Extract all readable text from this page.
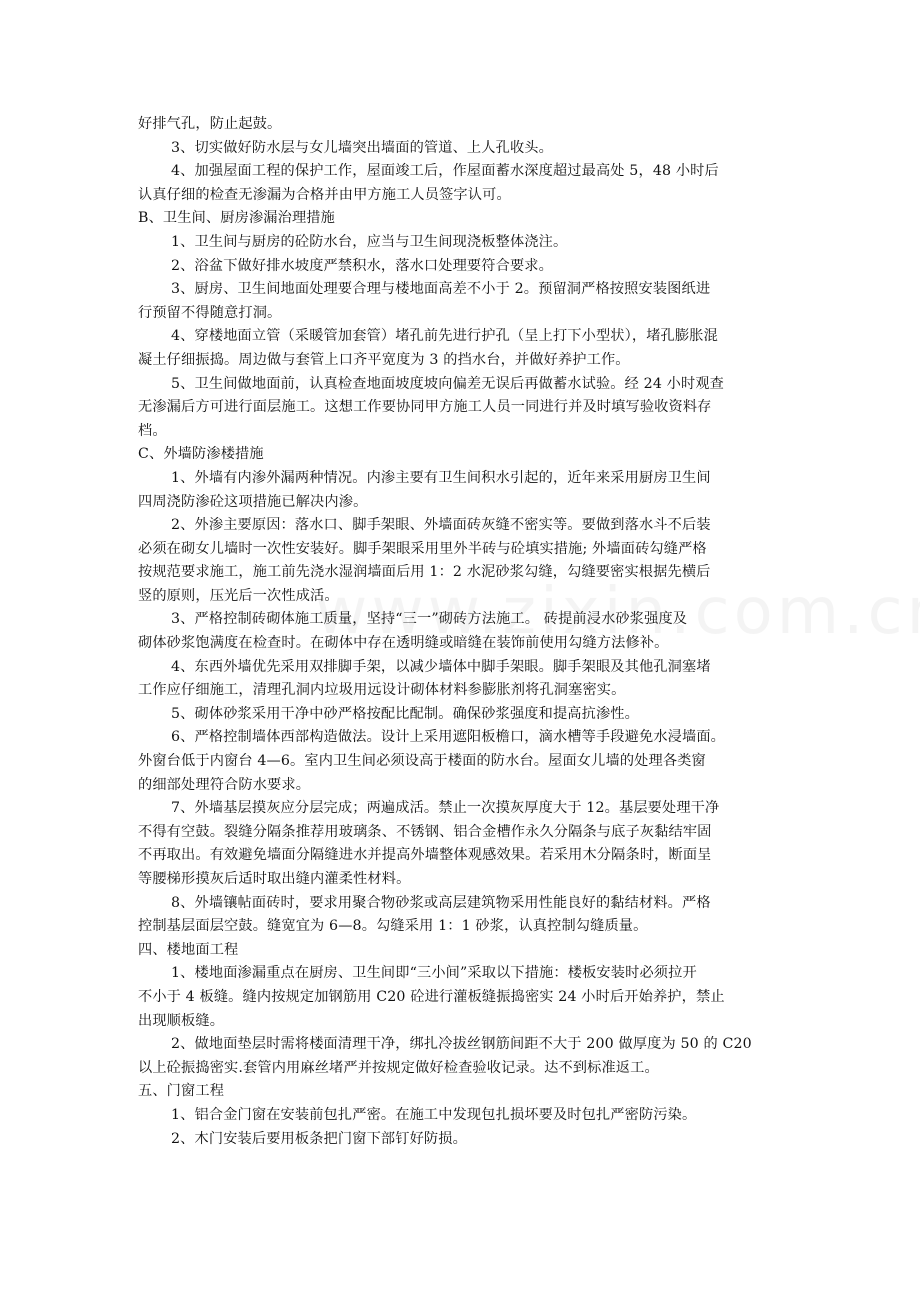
好排气孔，防止起鼓。
3、切实做好防水层与女儿墙突出墙面的管道、上人孔收头。
4、加强屋面工程的保护工作，屋面竣工后，作屋面蓄水深度超过最高处 5，48 小时后
认真仔细的检查无渗漏为合格并由甲方施工人员签字认可。
B、卫生间、厨房渗漏治理措施
1、卫生间与厨房的砼防水台，应当与卫生间现浇板整体浇注。
2、浴盆下做好排水坡度严禁积水，落水口处理要符合要求。
3、厨房、卫生间地面处理要合理与楼地面高差不小于 2。预留洞严格按照安装图纸进
行预留不得随意打洞。
4、穿楼地面立管（采暖管加套管）堵孔前先进行护孔（呈上打下小型状），堵孔膨胀混
凝土仔细振捣。周边做与套管上口齐平宽度为 3 的挡水台，并做好养护工作。
5、卫生间做地面前，认真检查地面坡度坡向偏差无误后再做蓄水试验。经 24 小时观查
无渗漏后方可进行面层施工。这想工作要协同甲方施工人员一同进行并及时填写验收资料存
档。
C、外墙防渗楼措施
1、外墙有内渗外漏两种情况。内渗主要有卫生间积水引起的，近年来采用厨房卫生间
四周浇防渗砼这项措施已解决内渗。
2、外渗主要原因：落水口、脚手架眼、外墙面砖灰缝不密实等。要做到落水斗不后装
必须在砌女儿墙时一次性安装好。脚手架眼采用里外半砖与砼填实措施; 外墙面砖勾缝严格
按规范要求施工，施工前先浇水湿润墙面后用 1：2 水泥砂浆勾缝，勾缝要密实根据先横后
竖的原则，压光后一次性成活。
3、严格控制砖砌体施工质量，坚持“三一”砌砖方法施工。 砖提前浸水砂浆强度及
砌体砂浆饱满度在检查时。在砌体中存在透明缝或暗缝在装饰前使用勾缝方法修补。
4、东西外墙优先采用双排脚手架，以减少墙体中脚手架眼。脚手架眼及其他孔洞塞堵
工作应仔细施工，清理孔洞内垃圾用远设计砌体材料参膨胀剂将孔洞塞密实。
5、砌体砂浆采用干净中砂严格按配比配制。确保砂浆强度和提高抗渗性。
6、严格控制墙体西部构造做法。设计上采用遮阳板檐口，滴水槽等手段避免水浸墙面。
外窗台低于内窗台 4—6。室内卫生间必须设高于楼面的防水台。屋面女儿墙的处理各类窗
的细部处理符合防水要求。
7、外墙基层摸灰应分层完成；两遍成活。禁止一次摸灰厚度大于 12。基层要处理干净
不得有空鼓。裂缝分隔条推荐用玻璃条、不锈钢、铝合金槽作永久分隔条与底子灰黏结牢固
不再取出。有效避免墙面分隔缝进水并提高外墙整体观感效果。若采用木分隔条时，断面呈
等腰梯形摸灰后适时取出缝内灌柔性材料。
8、外墙镶帖面砖时，要求用聚合物砂浆或高层建筑物采用性能良好的黏结材料。严格
控制基层面层空鼓。缝宽宜为 6—8。勾缝采用 1：1 砂浆，认真控制勾缝质量。
四、楼地面工程
1、楼地面渗漏重点在厨房、卫生间即“三小间”采取以下措施：楼板安装时必须拉开
不小于 4 板缝。缝内按规定加钢筋用 C20 砼进行灌板缝振捣密实 24 小时后开始养护，禁止
出现顺板缝。
2、做地面垫层时需将楼面清理干净，绑扎冷拔丝钢筋间距不大于 200 做厚度为 50 的 C20
以上砼振捣密实.套管内用麻丝堵严并按规定做好检查验收记录。达不到标准返工。
五、门窗工程
1、铝合金门窗在安装前包扎严密。在施工中发现包扎损坏要及时包扎严密防污染。
2、木门安装后要用板条把门窗下部钉好防损。
